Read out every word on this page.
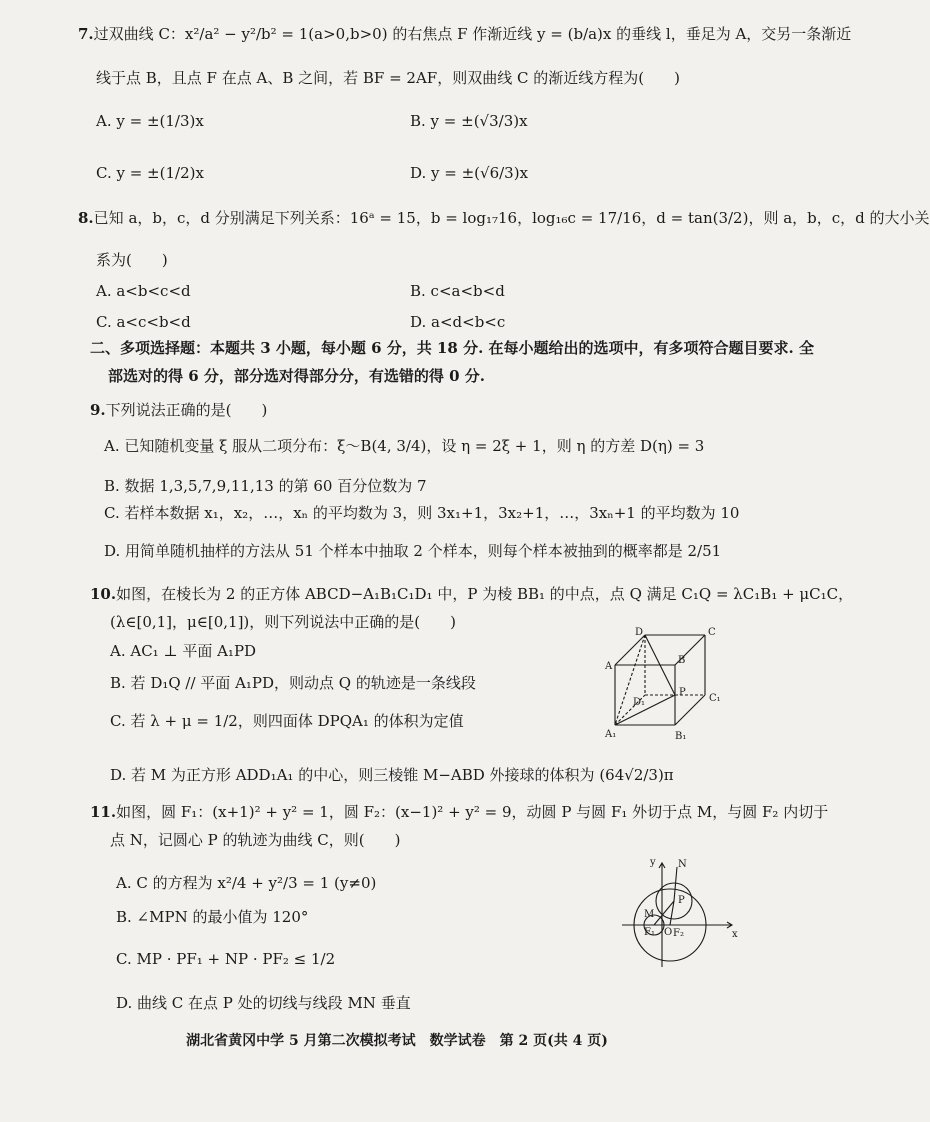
7.过双曲线 C：x²/a² − y²/b² = 1(a>0,b>0) 的右焦点 F 作渐近线 y = (b/a)x 的垂线 l，垂足为 A，交另一条渐近
线于点 B，且点 F 在点 A、B 之间，若 BF = 2AF，则双曲线 C 的渐近线方程为(　　)
A. y = ±(1/3)x	B. y = ±(√3/3)x
C. y = ±(1/2)x	D. y = ±(√6/3)x
8.已知 a，b，c，d 分别满足下列关系：16ᵃ = 15，b = log₁₇16，log₁₆c = 17/16，d = tan(3/2)，则 a，b，c，d 的大小关
系为(　　)
A. a<b<c<d	B. c<a<b<d
C. a<c<b<d	D. a<d<b<c
二、多项选择题：本题共 3 小题，每小题 6 分，共 18 分. 在每小题给出的选项中，有多项符合题目要求. 全
部选对的得 6 分，部分选对得部分分，有选错的得 0 分.
9.下列说法正确的是(　　)
A. 已知随机变量 ξ 服从二项分布：ξ～B(4, 3/4)，设 η = 2ξ + 1，则 η 的方差 D(η) = 3
B. 数据 1,3,5,7,9,11,13 的第 60 百分位数为 7
C. 若样本数据 x₁，x₂，…，xₙ 的平均数为 3，则 3x₁+1，3x₂+1，…，3xₙ+1 的平均数为 10
D. 用简单随机抽样的方法从 51 个样本中抽取 2 个样本，则每个样本被抽到的概率都是 2/51
10.如图，在棱长为 2 的正方体 ABCD−A₁B₁C₁D₁ 中，P 为棱 BB₁ 的中点，点 Q 满足 C₁Q = λC₁B₁ + μC₁C，
(λ∈[0,1]，μ∈[0,1])，则下列说法中正确的是(　　)
A. AC₁ ⊥ 平面 A₁PD
B. 若 D₁Q // 平面 A₁PD，则动点 Q 的轨迹是一条线段
C. 若 λ + μ = 1/2，则四面体 DPQA₁ 的体积为定值
D. 若 M 为正方形 ADD₁A₁ 的中心，则三棱锥 M−ABD 外接球的体积为 (64√2/3)π
A
B
C
D
A₁	B₁
C₁
D₁
P
11.如图，圆 F₁：(x+1)² + y² = 1，圆 F₂：(x−1)² + y² = 9，动圆 P 与圆 F₁ 外切于点 M，与圆 F₂ 内切于
点 N，记圆心 P 的轨迹为曲线 C，则(　　)
A. C 的方程为 x²/4 + y²/3 = 1 (y≠0)
B. ∠MPN 的最小值为 120°
C. MP · PF₁ + NP · PF₂ ≤ 1/2
D. 曲线 C 在点 P 处的切线与线段 MN 垂直
y
x
N
P
M
F₁ O F₂
湖北省黄冈中学 5 月第二次模拟考试　数学试卷　第 2 页(共 4 页)
